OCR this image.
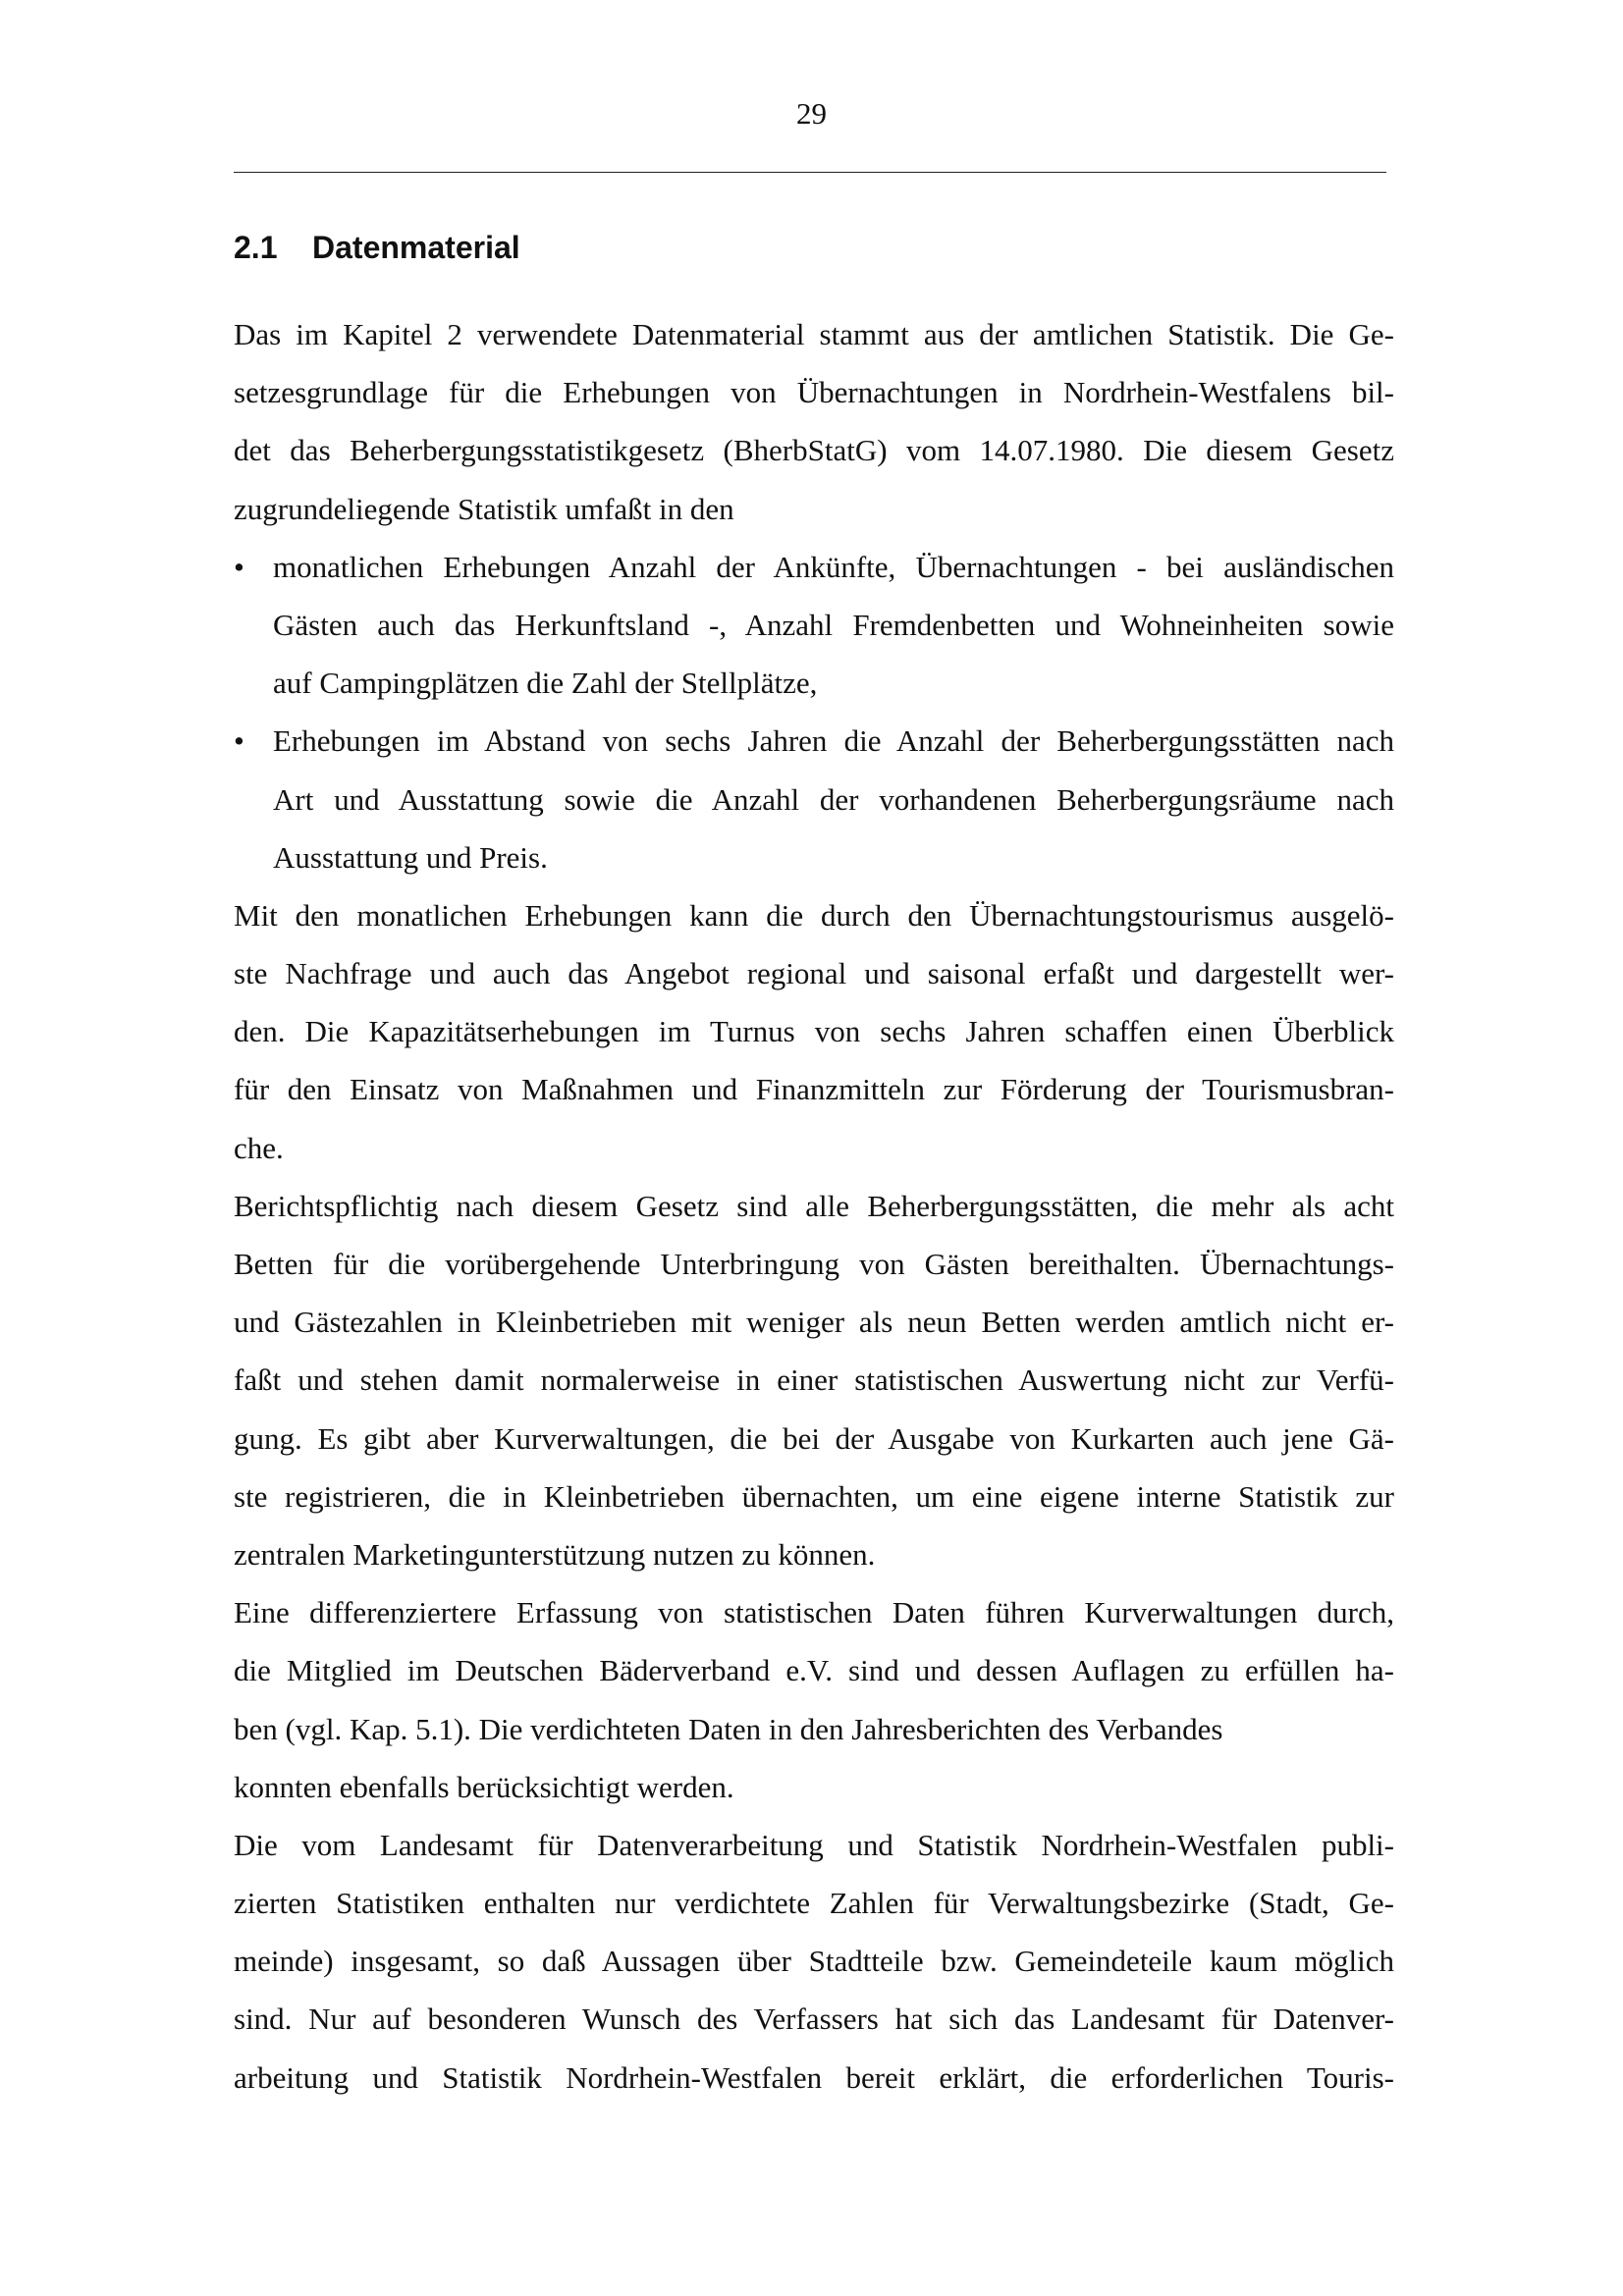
29
2.1 Datenmaterial
Das im Kapitel 2 verwendete Datenmaterial stammt aus der amtlichen Statistik. Die Ge-
setzesgrundlage für die Erhebungen von Übernachtungen in Nordrhein-Westfalens bil-
det das Beherbergungsstatistikgesetz (BherbStatG) vom 14.07.1980. Die diesem Gesetz
zugrundeliegende Statistik umfaßt in den
• monatlichen Erhebungen Anzahl der Ankünfte, Übernachtungen - bei ausländischen
Gästen auch das Herkunftsland -, Anzahl Fremdenbetten und Wohneinheiten sowie
auf Campingplätzen die Zahl der Stellplätze,
• Erhebungen im Abstand von sechs Jahren die Anzahl der Beherbergungsstätten nach
Art und Ausstattung sowie die Anzahl der vorhandenen Beherbergungsräume nach
Ausstattung und Preis.
Mit den monatlichen Erhebungen kann die durch den Übernachtungstourismus ausgelö-
ste Nachfrage und auch das Angebot regional und saisonal erfaßt und dargestellt wer-
den. Die Kapazitätserhebungen im Turnus von sechs Jahren schaffen einen Überblick
für den Einsatz von Maßnahmen und Finanzmitteln zur Förderung der Tourismusbran-
che.
Berichtspflichtig nach diesem Gesetz sind alle Beherbergungsstätten, die mehr als acht
Betten für die vorübergehende Unterbringung von Gästen bereithalten. Übernachtungs-
und Gästezahlen in Kleinbetrieben mit weniger als neun Betten werden amtlich nicht er-
faßt und stehen damit normalerweise in einer statistischen Auswertung nicht zur Verfü-
gung. Es gibt aber Kurverwaltungen, die bei der Ausgabe von Kurkarten auch jene Gä-
ste registrieren, die in Kleinbetrieben übernachten, um eine eigene interne Statistik zur
zentralen Marketingunterstützung nutzen zu können.
Eine differenziertere Erfassung von statistischen Daten führen Kurverwaltungen durch,
die Mitglied im Deutschen Bäderverband e.V. sind und dessen Auflagen zu erfüllen ha-
ben (vgl. Kap. 5.1). Die verdichteten Daten in den Jahresberichten des Verbandes
konnten ebenfalls berücksichtigt werden.
Die vom Landesamt für Datenverarbeitung und Statistik Nordrhein-Westfalen publi-
zierten Statistiken enthalten nur verdichtete Zahlen für Verwaltungsbezirke (Stadt, Ge-
meinde) insgesamt, so daß Aussagen über Stadtteile bzw. Gemeindeteile kaum möglich
sind. Nur auf besonderen Wunsch des Verfassers hat sich das Landesamt für Datenver-
arbeitung und Statistik Nordrhein-Westfalen bereit erklärt, die erforderlichen Touris-
